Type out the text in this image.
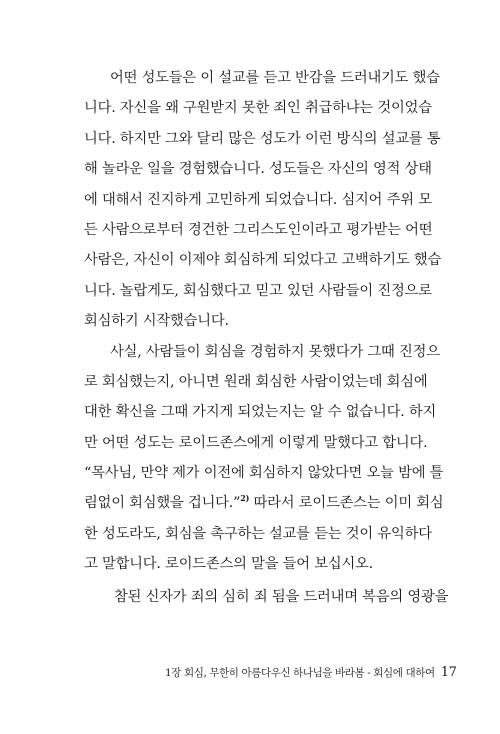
어떤 성도들은 이 설교를 듣고 반감을 드러내기도 했습
니다. 자신을 왜 구원받지 못한 죄인 취급하냐는 것이었습
니다. 하지만 그와 달리 많은 성도가 이런 방식의 설교를 통
해 놀라운 일을 경험했습니다. 성도들은 자신의 영적 상태
에 대해서 진지하게 고민하게 되었습니다. 심지어 주위 모
든 사람으로부터 경건한 그리스도인이라고 평가받는 어떤
사람은, 자신이 이제야 회심하게 되었다고 고백하기도 했습
니다. 놀랍게도, 회심했다고 믿고 있던 사람들이 진정으로
회심하기 시작했습니다.
사실, 사람들이 회심을 경험하지 못했다가 그때 진정으
로 회심했는지, 아니면 원래 회심한 사람이었는데 회심에
대한 확신을 그때 가지게 되었는지는 알 수 없습니다. 하지
만 어떤 성도는 로이드존스에게 이렇게 말했다고 합니다.
“목사님, 만약 제가 이전에 회심하지 않았다면 오늘 밤에 틀
림없이 회심했을 겁니다.”$^{2)}$ 따라서 로이드존스는 이미 회심
한 성도라도, 회심을 촉구하는 설교를 듣는 것이 유익하다
고 말합니다. 로이드존스의 말을 들어 보십시오.
참된 신자가 죄의 심히 죄 됨을 드러내며 복음의 영광을
1장 회심, 무한히 아름다우신 하나님을 바라봄 - 회심에 대하여 17
